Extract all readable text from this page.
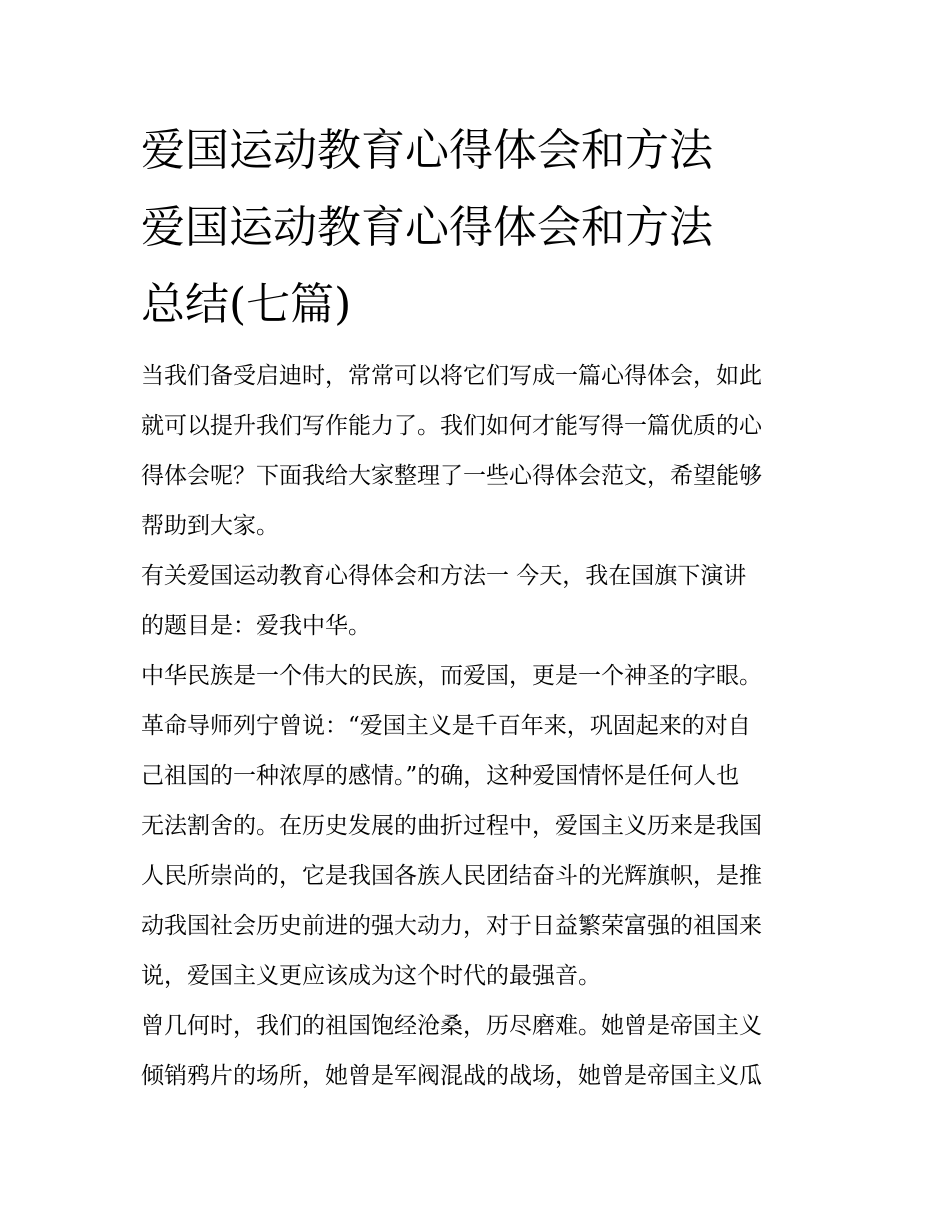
爱国运动教育心得体会和方法
爱国运动教育心得体会和方法
总结(七篇)

当我们备受启迪时，常常可以将它们写成一篇心得体会，如此
就可以提升我们写作能力了。我们如何才能写得一篇优质的心
得体会呢？下面我给大家整理了一些心得体会范文，希望能够
帮助到大家。

有关爱国运动教育心得体会和方法一 今天，我在国旗下演讲
的题目是：爱我中华。

中华民族是一个伟大的民族，而爱国，更是一个神圣的字眼。
革命导师列宁曾说：“爱国主义是千百年来，巩固起来的对自
己祖国的一种浓厚的感情。”的确，这种爱国情怀是任何人也
无法割舍的。在历史发展的曲折过程中，爱国主义历来是我国
人民所崇尚的，它是我国各族人民团结奋斗的光辉旗帜，是推
动我国社会历史前进的强大动力，对于日益繁荣富强的祖国来
说，爱国主义更应该成为这个时代的最强音。

曾几何时，我们的祖国饱经沧桑，历尽磨难。她曾是帝国主义
倾销鸦片的场所，她曾是军阀混战的战场，她曾是帝国主义瓜
